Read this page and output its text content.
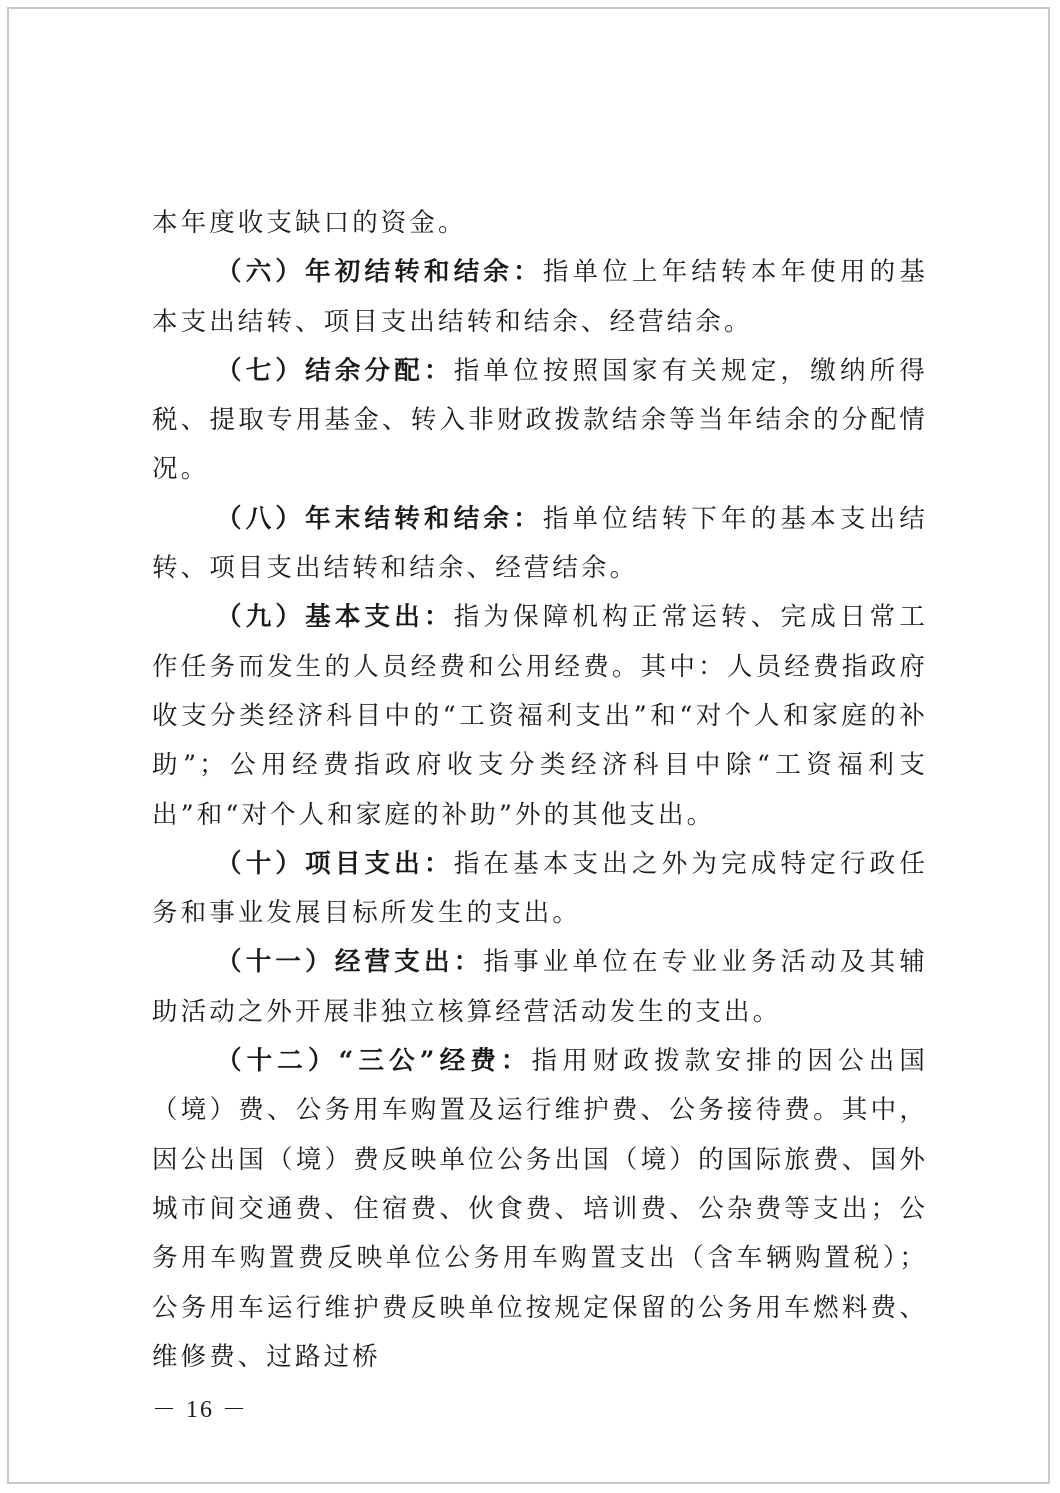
本年度收支缺口的资金。

（六）年初结转和结余：指单位上年结转本年使用的基本支出结转、项目支出结转和结余、经营结余。

（七）结余分配：指单位按照国家有关规定，缴纳所得税、提取专用基金、转入非财政拨款结余等当年结余的分配情况。

（八）年末结转和结余：指单位结转下年的基本支出结转、项目支出结转和结余、经营结余。

（九）基本支出：指为保障机构正常运转、完成日常工作任务而发生的人员经费和公用经费。其中：人员经费指政府收支分类经济科目中的“工资福利支出”和“对个人和家庭的补助”；公用经费指政府收支分类经济科目中除“工资福利支出”和“对个人和家庭的补助”外的其他支出。

（十）项目支出：指在基本支出之外为完成特定行政任务和事业发展目标所发生的支出。

（十一）经营支出：指事业单位在专业业务活动及其辅助活动之外开展非独立核算经营活动发生的支出。

（十二）“三公”经费：指用财政拨款安排的因公出国（境）费、公务用车购置及运行维护费、公务接待费。其中，因公出国（境）费反映单位公务出国（境）的国际旅费、国外城市间交通费、住宿费、伙食费、培训费、公杂费等支出；公务用车购置费反映单位公务用车购置支出（含车辆购置税）；公务用车运行维护费反映单位按规定保留的公务用车燃料费、维修费、过路过桥

－ 16 －
